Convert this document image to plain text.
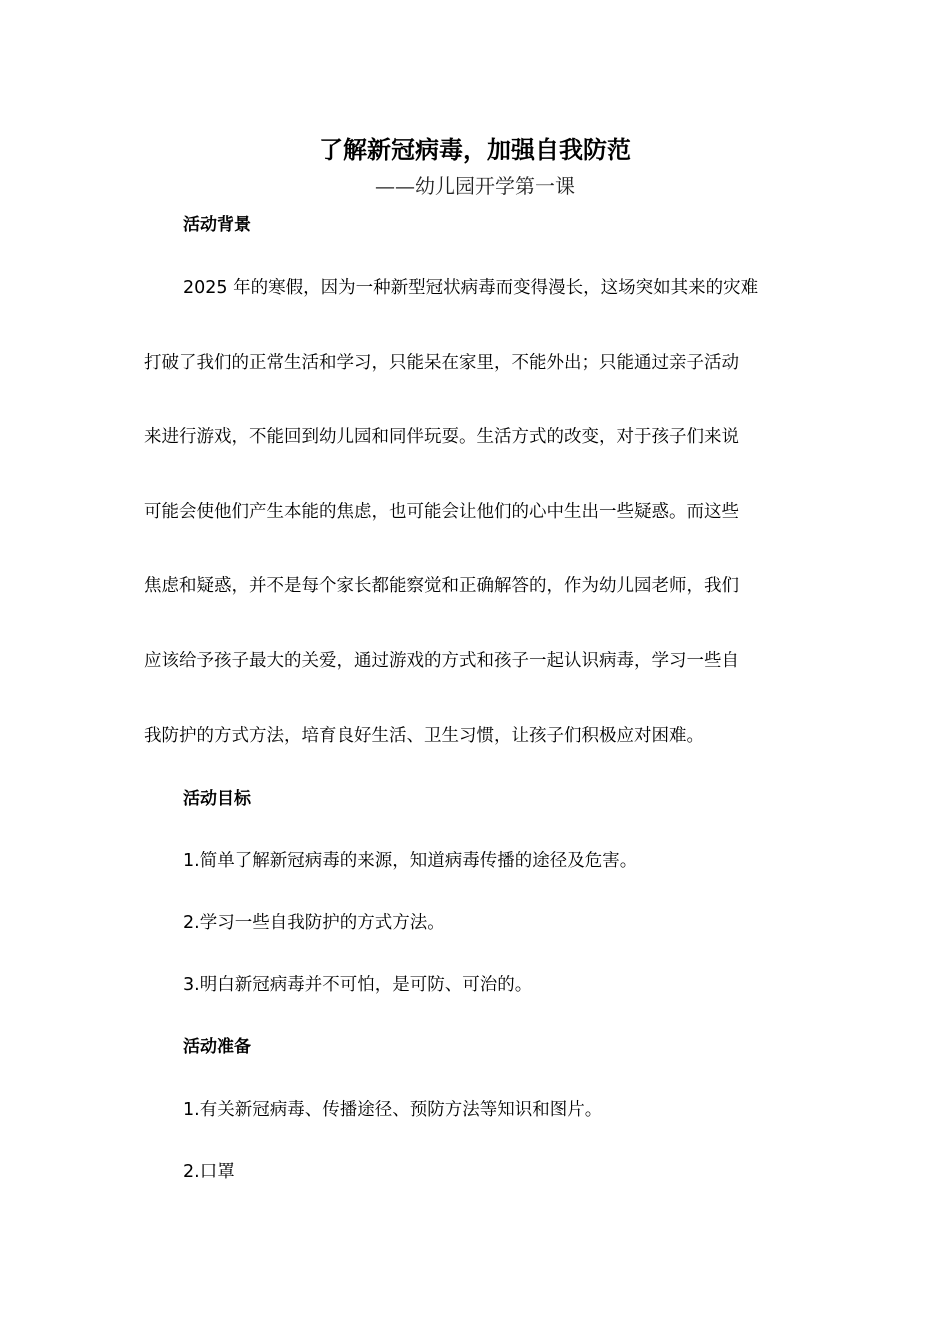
了解新冠病毒，加强自我防范
——幼儿园开学第一课
活动背景
2025 年的寒假，因为一种新型冠状病毒而变得漫长，这场突如其来的灾难
打破了我们的正常生活和学习，只能呆在家里，不能外出；只能通过亲子活动
来进行游戏，不能回到幼儿园和同伴玩耍。生活方式的改变，对于孩子们来说
可能会使他们产生本能的焦虑，也可能会让他们的心中生出一些疑惑。而这些
焦虑和疑惑，并不是每个家长都能察觉和正确解答的，作为幼儿园老师，我们
应该给予孩子最大的关爱，通过游戏的方式和孩子一起认识病毒，学习一些自
我防护的方式方法，培育良好生活、卫生习惯，让孩子们积极应对困难。
活动目标

1.简单了解新冠病毒的来源，知道病毒传播的途径及危害。

2.学习一些自我防护的方式方法。

3.明白新冠病毒并不可怕，是可防、可治的。

活动准备

1.有关新冠病毒、传播途径、预防方法等知识和图片。

2.口罩
